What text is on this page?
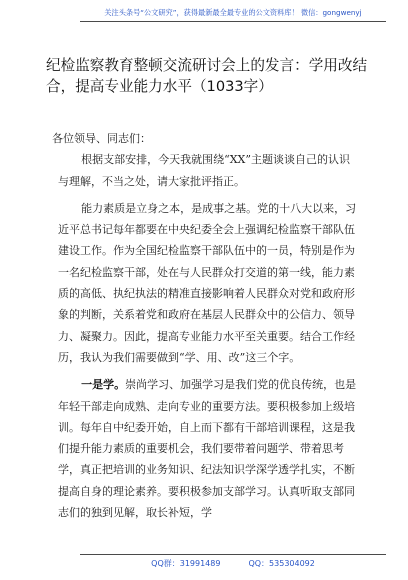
关注头条号“公文研究”，获得最新最全最专业的公文资料库！ 微信：gongwenyj
纪检监察教育整顿交流研讨会上的发言：学用改结合，提高专业能力水平（1033字）

各位领导、同志们：

根据支部安排，今天我就围绕“XX”主题谈谈自己的认识与理解，不当之处，请大家批评指正。

能力素质是立身之本，是成事之基。党的十八大以来，习近平总书记每年都要在中央纪委全会上强调纪检监察干部队伍建设工作。作为全国纪检监察干部队伍中的一员，特别是作为一名纪检监察干部，处在与人民群众打交道的第一线，能力素质的高低、执纪执法的精准直接影响着人民群众对党和政府形象的判断，关系着党和政府在基层人民群众中的公信力、领导力、凝聚力。因此，提高专业能力水平至关重要。结合工作经历，我认为我们需要做到“学、用、改”这三个字。

一是学。崇尚学习、加强学习是我们党的优良传统，也是年轻干部走向成熟、走向专业的重要方法。要积极参加上级培训。每年自中纪委开始，自上而下都有干部培训课程，这是我们提升能力素质的重要机会，我们要带着问题学、带着思考学，真正把培训的业务知识、纪法知识学深学透学扎实，不断提高自身的理论素养。要积极参加支部学习。认真听取支部同志们的独到见解，取长补短，学

QQ群：31991489	QQ：535304092
